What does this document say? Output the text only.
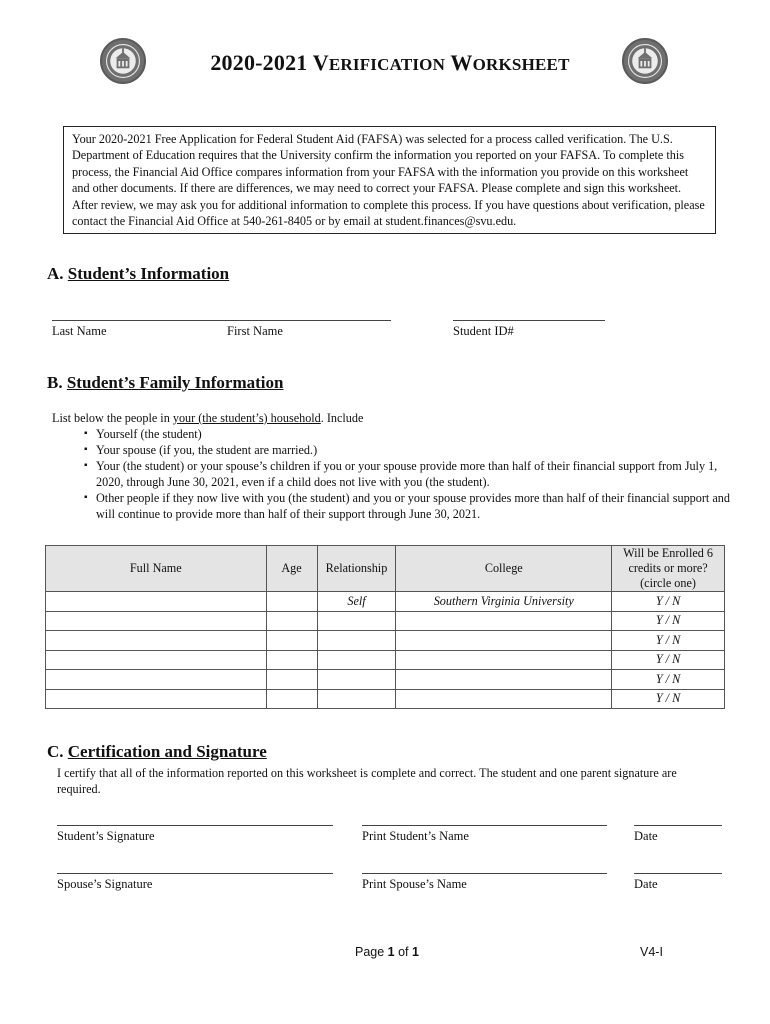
2020-2021 VERIFICATION WORKSHEET
Your 2020-2021 Free Application for Federal Student Aid (FAFSA) was selected for a process called verification. The U.S. Department of Education requires that the University confirm the information you reported on your FAFSA. To complete this process, the Financial Aid Office compares information from your FAFSA with the information you provide on this worksheet and other documents. If there are differences, we may need to correct your FAFSA. Please complete and sign this worksheet. After review, we may ask you for additional information to complete this process. If you have questions about verification, please contact the Financial Aid Office at 540-261-8405 or by email at student.finances@svu.edu.
A. Student’s Information
Last Name	First Name	Student ID#
B. Student’s Family Information
List below the people in your (the student’s) household. Include
▪ Yourself (the student)
▪ Your spouse (if you, the student are married.)
▪ Your (the student) or your spouse’s children if you or your spouse provide more than half of their financial support from July 1, 2020, through June 30, 2021, even if a child does not live with you (the student).
▪ Other people if they now live with you (the student) and you or your spouse provides more than half of their financial support and will continue to provide more than half of their support through June 30, 2021.
Full Name	Age	Relationship	College	Will be Enrolled 6 credits or more? (circle one)
		Self	Southern Virginia University	Y / N
				Y / N
				Y / N
				Y / N
				Y / N
				Y / N
C. Certification and Signature
I certify that all of the information reported on this worksheet is complete and correct. The student and one parent signature are required.
Student’s Signature	Print Student’s Name	Date
Spouse’s Signature	Print Spouse’s Name	Date
Page 1 of 1	V4-I
